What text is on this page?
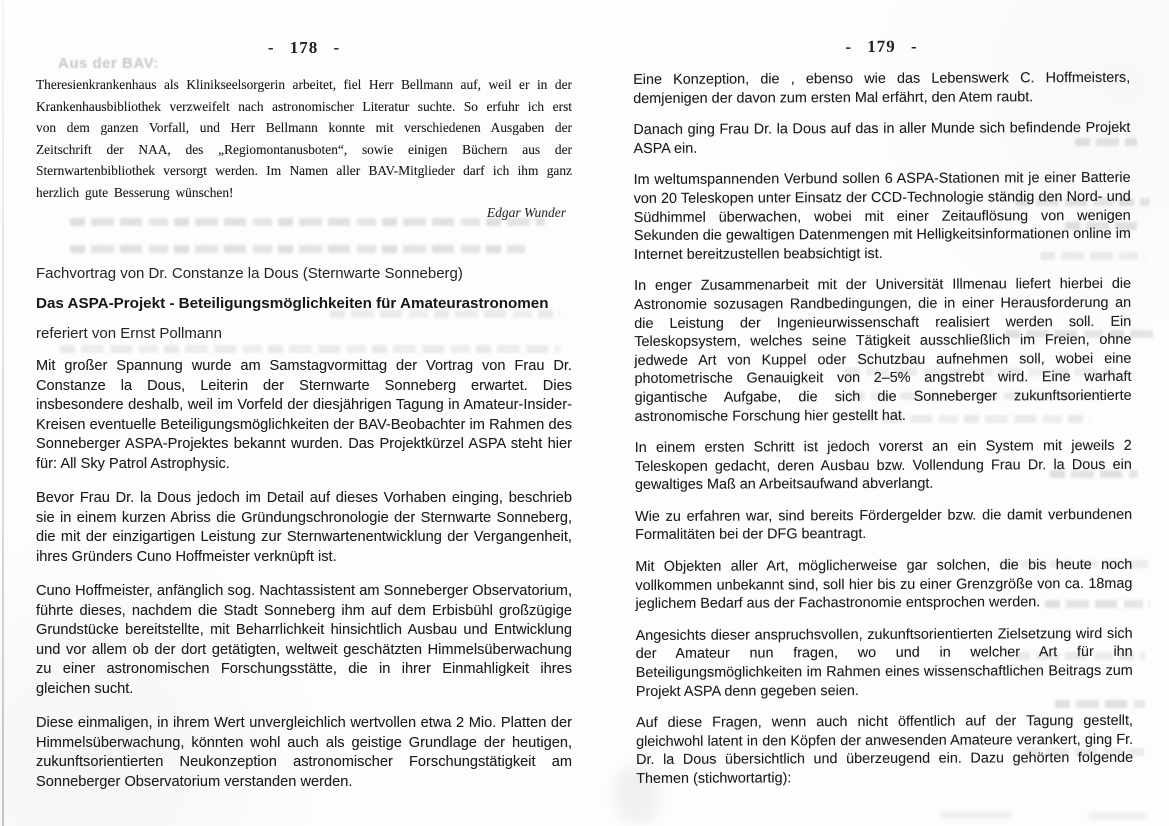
Aus der BAV:
- 178 -
Theresienkrankenhaus als Klinikseelsorgerin arbeitet, fiel Herr Bellmann auf, weil er in der Krankenhausbibliothek verzweifelt nach astronomischer Literatur suchte. So erfuhr ich erst von dem ganzen Vorfall, und Herr Bellmann konnte mit verschiedenen Ausgaben der Zeitschrift der NAA, des „Regiomontanusboten“, sowie einigen Büchern aus der Sternwartenbibliothek versorgt werden. Im Namen aller BAV-Mitglieder darf ich ihm ganz herzlich gute Besserung wünschen!
Edgar Wunder
Fachvortrag von Dr. Constanze la Dous (Sternwarte Sonneberg)
Das ASPA-Projekt - Beteiligungsmöglichkeiten für Amateurastronomen
referiert von Ernst Pollmann

Mit großer Spannung wurde am Samstagvormittag der Vortrag von Frau Dr. Constanze la Dous, Leiterin der Sternwarte Sonneberg erwartet. Dies insbesondere deshalb, weil im Vorfeld der diesjährigen Tagung in Amateur-Insider-Kreisen eventuelle Beteiligungsmöglichkeiten der BAV-Beobachter im Rahmen des Sonneberger ASPA-Projektes bekannt wurden. Das Projektkürzel ASPA steht hier für: All Sky Patrol Astrophysic.

Bevor Frau Dr. la Dous jedoch im Detail auf dieses Vorhaben einging, beschrieb sie in einem kurzen Abriss die Gründungschronologie der Sternwarte Sonneberg, die mit der einzigartigen Leistung zur Sternwartenentwicklung der Vergangenheit, ihres Gründers Cuno Hoffmeister verknüpft ist.

Cuno Hoffmeister, anfänglich sog. Nachtassistent am Sonneberger Observatorium, führte dieses, nachdem die Stadt Sonneberg ihm auf dem Erbisbühl großzügige Grundstücke bereitstellte, mit Beharrlichkeit hinsichtlich Ausbau und Entwicklung und vor allem ob der dort getätigten, weltweit geschätzten Himmelsüberwachung zu einer astronomischen Forschungsstätte, die in ihrer Einmahligkeit ihres gleichen sucht.

Diese einmaligen, in ihrem Wert unvergleichlich wertvollen etwa 2 Mio. Platten der Himmelsüberwachung, könnten wohl auch als geistige Grundlage der heutigen, zukunftsorientierten Neukonzeption astronomischer Forschungstätigkeit am Sonneberger Observatorium verstanden werden.

- 179 -

Eine Konzeption, die , ebenso wie das Lebenswerk C. Hoffmeisters, demjenigen der davon zum ersten Mal erfährt, den Atem raubt.

Danach ging Frau Dr. la Dous auf das in aller Munde sich befindende Projekt ASPA ein.

Im weltumspannenden Verbund sollen 6 ASPA-Stationen mit je einer Batterie von 20 Teleskopen unter Einsatz der CCD-Technologie ständig den Nord- und Südhimmel überwachen, wobei mit einer Zeitauflösung von wenigen Sekunden die gewaltigen Datenmengen mit Helligkeitsinformationen online im Internet bereitzustellen beabsichtigt ist.

In enger Zusammenarbeit mit der Universität Illmenau liefert hierbei die Astronomie sozusagen Randbedingungen, die in einer Herausforderung an die Leistung der Ingenieurwissenschaft realisiert werden soll. Ein Teleskopsystem, welches seine Tätigkeit ausschließlich im Freien, ohne jedwede Art von Kuppel oder Schutzbau aufnehmen soll, wobei eine photometrische Genauigkeit von 2–5% angstrebt wird. Eine warhaft gigantische Aufgabe, die sich die Sonneberger zukunftsorientierte astronomische Forschung hier gestellt hat.

In einem ersten Schritt ist jedoch vorerst an ein System mit jeweils 2 Teleskopen gedacht, deren Ausbau bzw. Vollendung Frau Dr. la Dous ein gewaltiges Maß an Arbeitsaufwand abverlangt.

Wie zu erfahren war, sind bereits Fördergelder bzw. die damit verbundenen Formalitäten bei der DFG beantragt.

Mit Objekten aller Art, möglicherweise gar solchen, die bis heute noch vollkommen unbekannt sind, soll hier bis zu einer Grenzgröße von ca. 18mag jeglichem Bedarf aus der Fachastronomie entsprochen werden.

Angesichts dieser anspruchsvollen, zukunftsorientierten Zielsetzung wird sich der Amateur nun fragen, wo und in welcher Art für ihn Beteiligungsmöglichkeiten im Rahmen eines wissenschaftlichen Beitrags zum Projekt ASPA denn gegeben seien.

Auf diese Fragen, wenn auch nicht öffentlich auf der Tagung gestellt, gleichwohl latent in den Köpfen der anwesenden Amateure verankert, ging Fr. Dr. la Dous übersichtlich und überzeugend ein. Dazu gehörten folgende Themen (stichwortartig):
